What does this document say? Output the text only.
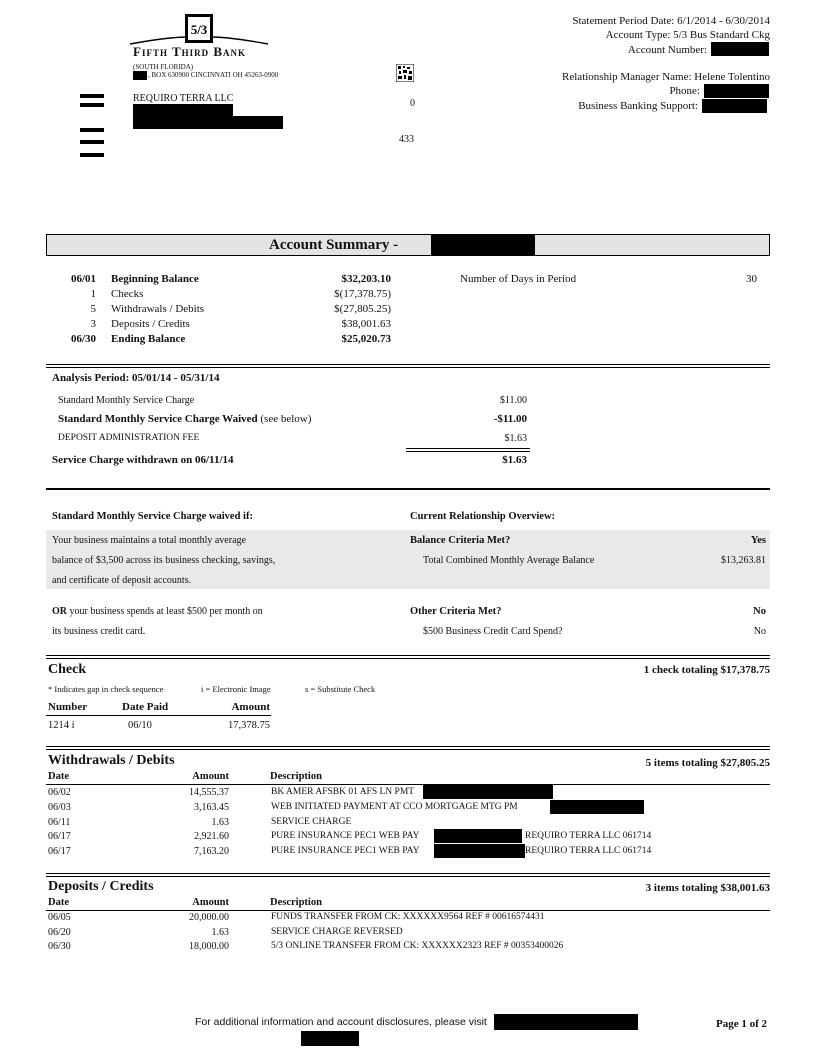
5/3
Fifth Third Bank
(SOUTH FLORIDA)
, BOX 630900 CINCINNATI OH 45263-0900
REQUIRO TERRA LLC	0
433
Statement Period Date: 6/1/2014 - 6/30/2014
Account Type: 5/3 Bus Standard Ckg
Account Number:
Relationship Manager Name: Helene Tolentino
Phone:
Business Banking Support:
Account Summary -
06/01 Beginning Balance	$32,203.10
1 Checks	$(17,378.75)
5 Withdrawals / Debits	$(27,805.25)
3 Deposits / Credits	$38,001.63
06/30 Ending Balance	$25,020.73
Number of Days in Period	30
Analysis Period: 05/01/14 - 05/31/14
Standard Monthly Service Charge	$11.00
Standard Monthly Service Charge Waived (see below)	-$11.00
DEPOSIT ADMINISTRATION FEE	$1.63
Service Charge withdrawn on 06/11/14	$1.63
Standard Monthly Service Charge waived if:	Current Relationship Overview:
Your business maintains a total monthly average
balance of $3,500 across its business checking, savings,
and certificate of deposit accounts.
Balance Criteria Met?	Yes
Total Combined Monthly Average Balance	$13,263.81
OR your business spends at least $500 per month on
its business credit card.
Other Criteria Met?	No
$500 Business Credit Card Spend?	No
Check	1 check totaling $17,378.75
* Indicates gap in check sequence	i = Electronic Image	s = Substitute Check
Number	Date Paid	Amount
1214 i	06/10	17,378.75
Withdrawals / Debits	5 items totaling $27,805.25
Date	Amount	Description
06/02	14,555.37	BK AMER AFSBK 01 AFS LN PMT
06/03	3,163.45	WEB INITIATED PAYMENT AT CCO MORTGAGE MTG PM
06/11	1.63	SERVICE CHARGE
06/17	2,921.60	PURE INSURANCE PEC1 WEB PAY	REQUIRO TERRA LLC 061714
06/17	7,163.20	PURE INSURANCE PEC1 WEB PAY	REQUIRO TERRA LLC 061714
Deposits / Credits	3 items totaling $38,001.63
Date	Amount	Description
06/05	20,000.00	FUNDS TRANSFER FROM CK: XXXXXX9564 REF # 00616574431
06/20	1.63	SERVICE CHARGE REVERSED
06/30	18,000.00	5/3 ONLINE TRANSFER FROM CK: XXXXXX2323 REF # 00353400026
For additional information and account disclosures, please visit	Page 1 of 2
